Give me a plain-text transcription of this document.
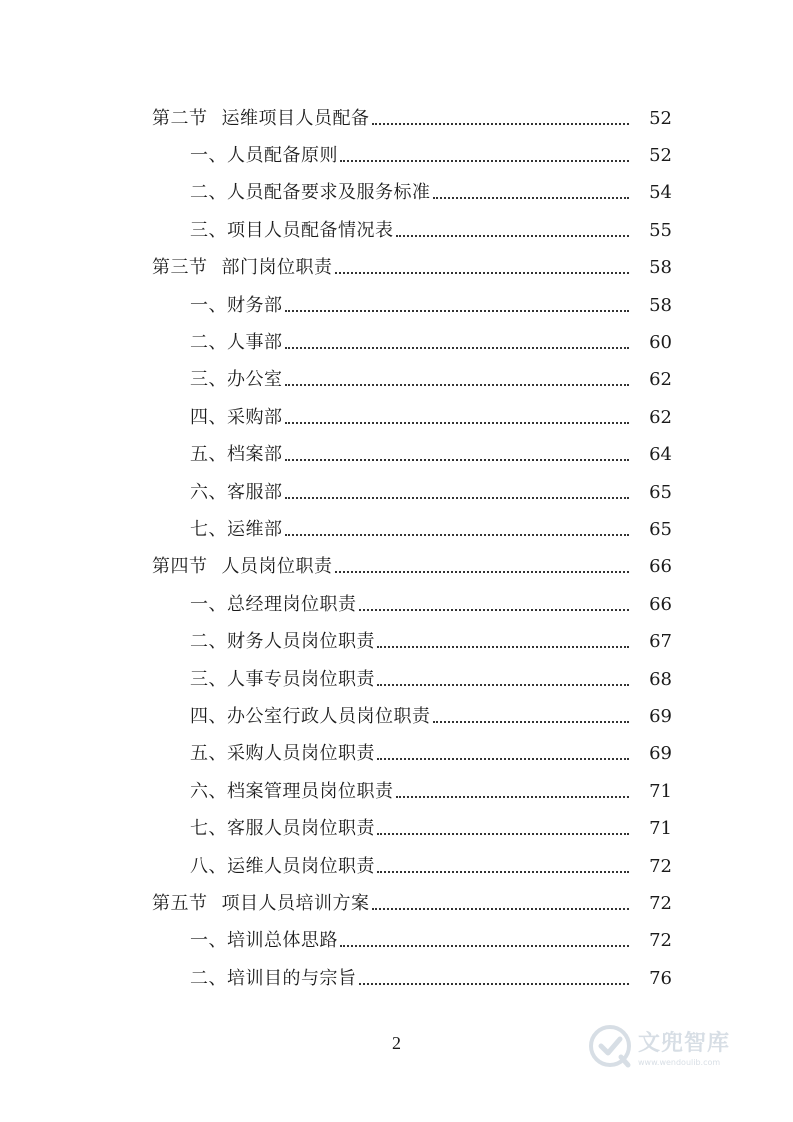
第二节 运维项目人员配备	52
一、人员配备原则	52
二、人员配备要求及服务标准	54
三、项目人员配备情况表	55
第三节 部门岗位职责	58
一、财务部	58
二、人事部	60
三、办公室	62
四、采购部	62
五、档案部	64
六、客服部	65
七、运维部	65
第四节 人员岗位职责	66
一、总经理岗位职责	66
二、财务人员岗位职责	67
三、人事专员岗位职责	68
四、办公室行政人员岗位职责	69
五、采购人员岗位职责	69
六、档案管理员岗位职责	71
七、客服人员岗位职责	71
八、运维人员岗位职责	72
第五节 项目人员培训方案	72
一、培训总体思路	72
二、培训目的与宗旨	76
2	文兜智库
www.wendoulib.com
